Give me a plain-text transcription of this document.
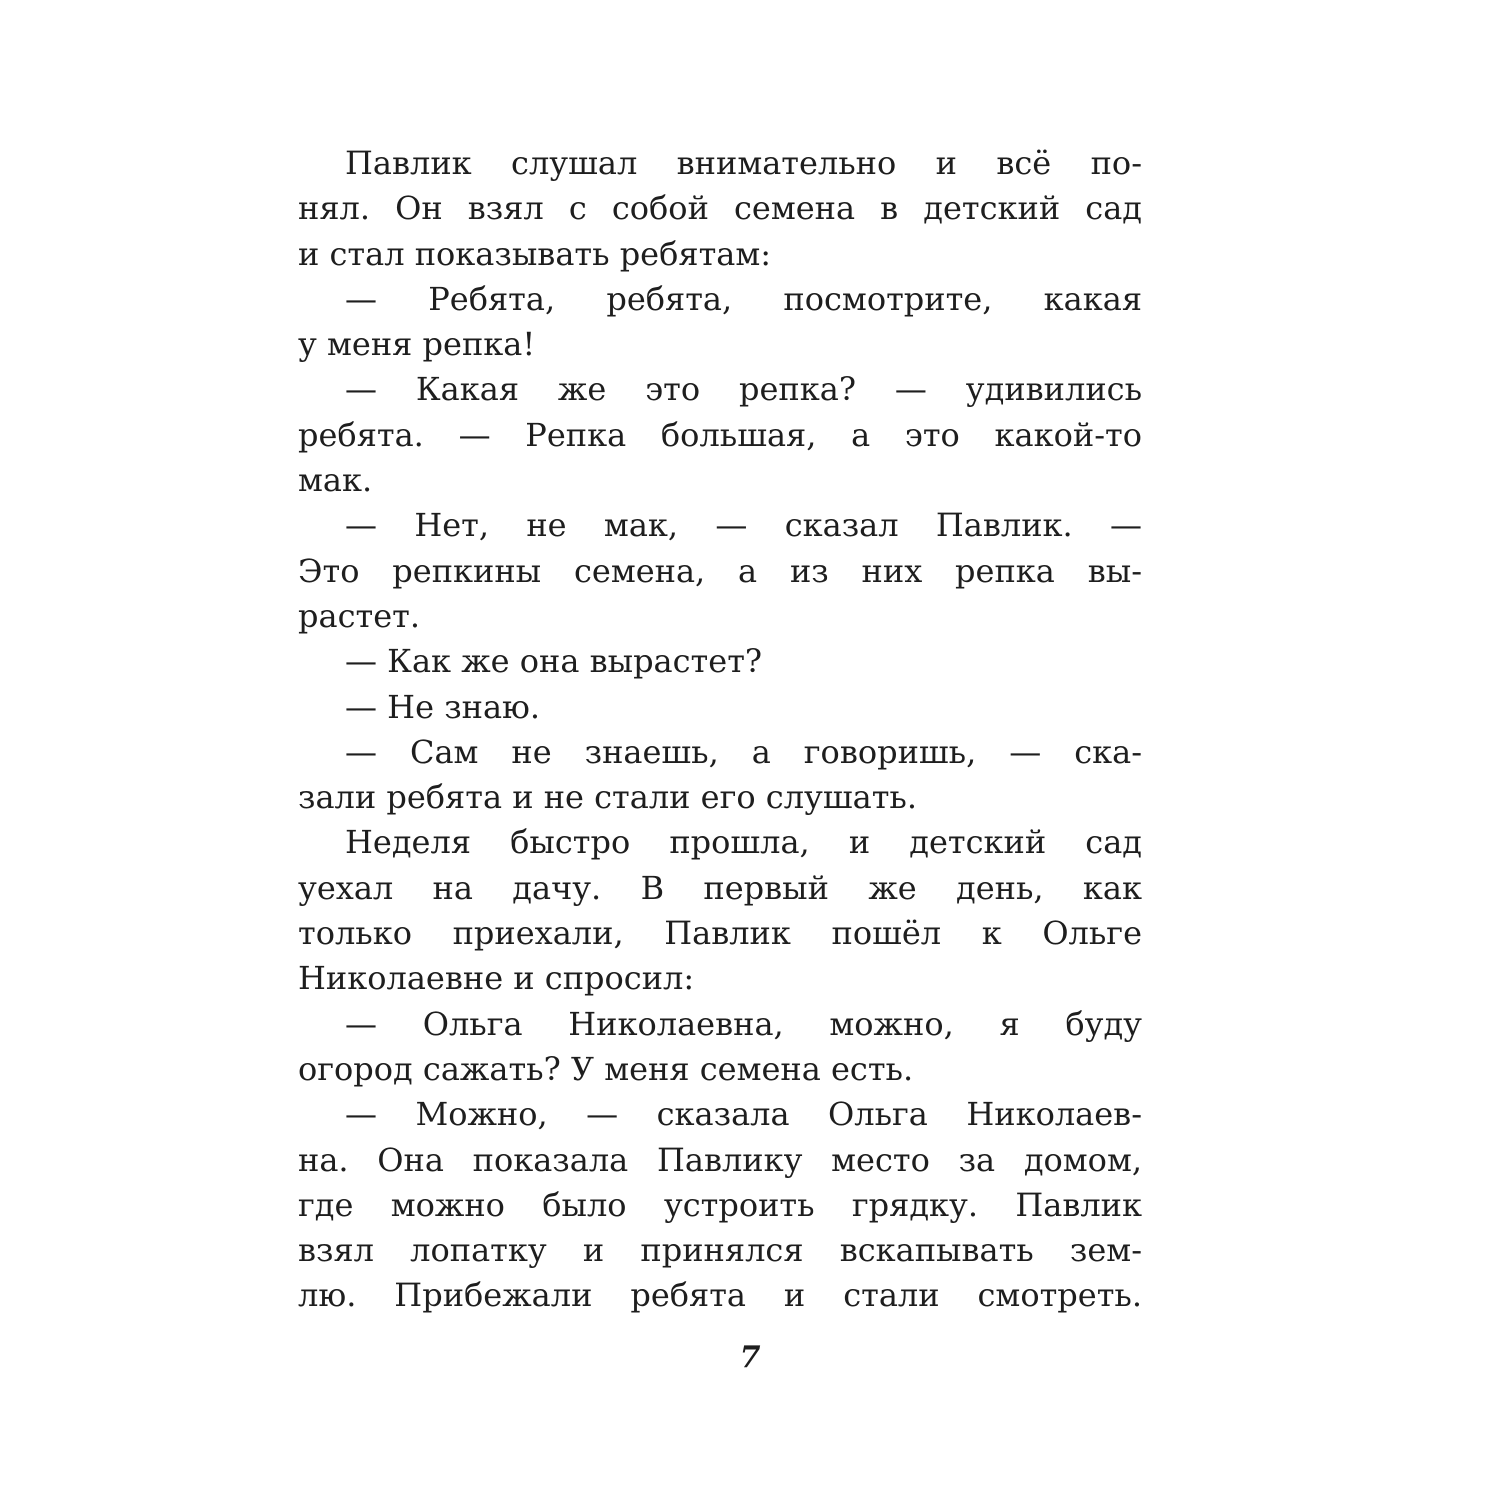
Павлик слушал внимательно и всё по-
нял. Он взял с собой семена в детский сад
и стал показывать ребятам:
— Ребята, ребята, посмотрите, какая
у меня репка!
— Какая же это репка? — удивились
ребята. — Репка большая, а это какой-то
мак.
— Нет, не мак, — сказал Павлик. —
Это репкины семена, а из них репка вы-
растет.
— Как же она вырастет?
— Не знаю.
— Сам не знаешь, а говоришь, — ска-
зали ребята и не стали его слушать.
Неделя быстро прошла, и детский сад
уехал на дачу. В первый же день, как
только приехали, Павлик пошёл к Ольге
Николаевне и спросил:
— Ольга Николаевна, можно, я буду
огород сажать? У меня семена есть.
— Можно, — сказала Ольга Николаев-
на. Она показала Павлику место за домом,
где можно было устроить грядку. Павлик
взял лопатку и принялся вскапывать зем-
лю. Прибежали ребята и стали смотреть.
7
